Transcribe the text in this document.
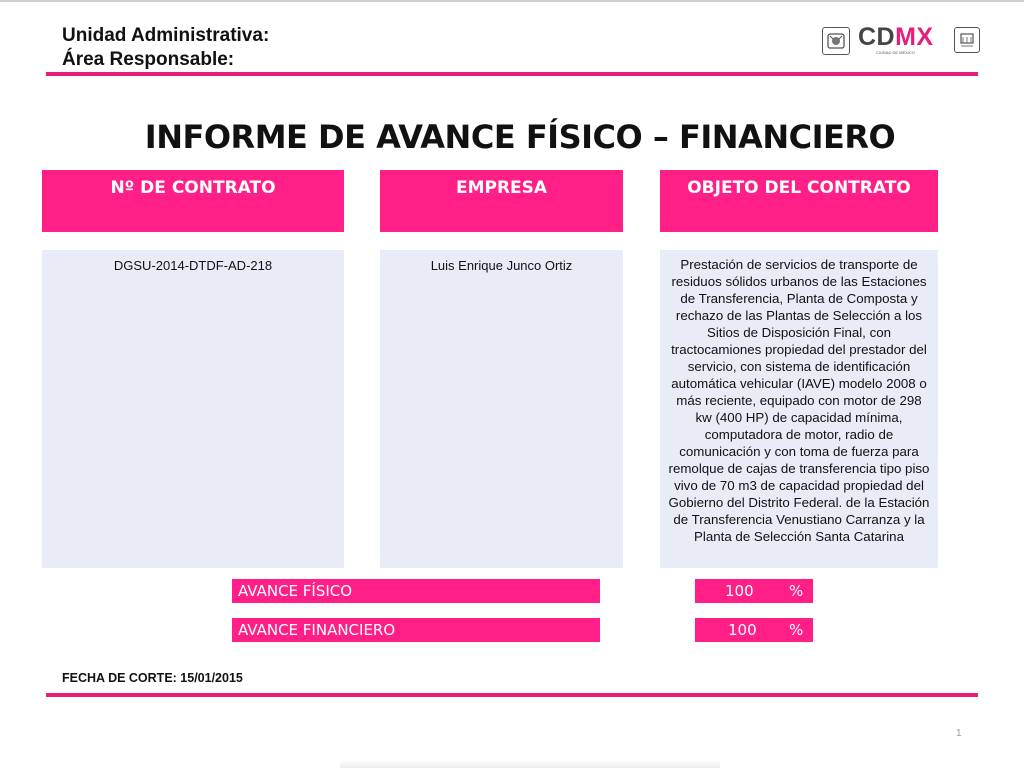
Unidad Administrativa:
Área Responsable:
CDMX
CIUDAD DE MÉXICO
INFORME DE AVANCE FÍSICO – FINANCIERO
Nº DE CONTRATO	EMPRESA	OBJETO DEL CONTRATO
DGSU-2014-DTDF-AD-218	Luis Enrique Junco Ortiz	Prestación de servicios de transporte de residuos sólidos urbanos de las Estaciones de Transferencia, Planta de Composta y rechazo de las Plantas de Selección a los Sitios de Disposición Final, con tractocamiones propiedad del prestador del servicio, con sistema de identificación automática vehicular (IAVE) modelo 2008 o más reciente, equipado con motor de 298 kw (400 HP) de capacidad mínima, computadora de motor, radio de comunicación y con toma de fuerza para remolque de cajas de transferencia tipo piso vivo de 70 m3 de capacidad propiedad del Gobierno del Distrito Federal. de la Estación de Transferencia Venustiano Carranza y la Planta de Selección Santa Catarina
AVANCE FÍSICO	100 %
AVANCE FINANCIERO	100 %
FECHA DE CORTE: 15/01/2015
1
